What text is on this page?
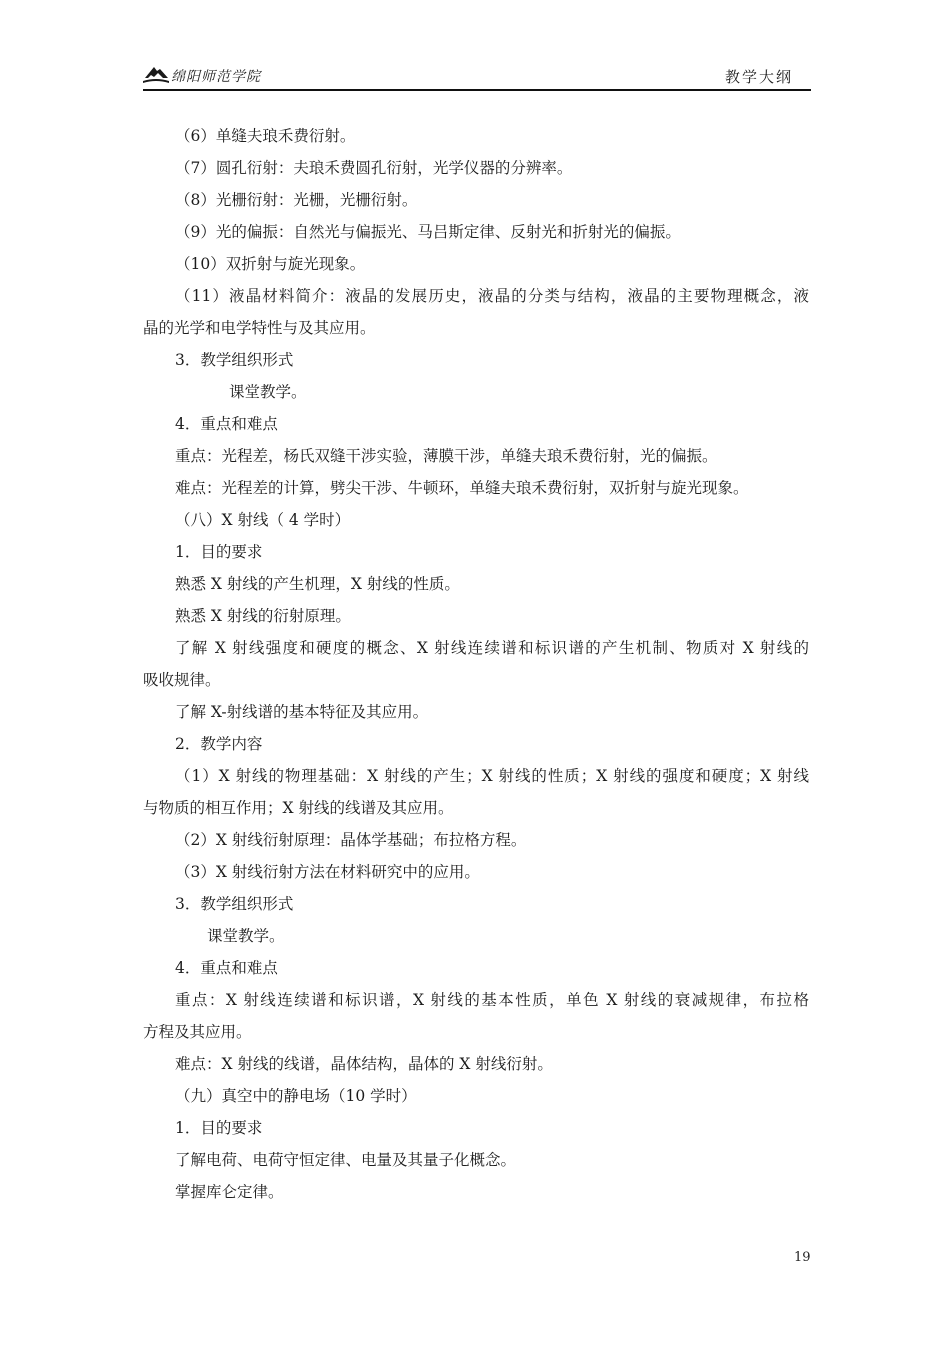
绵阳师范学院	教学大纲
（6）单缝夫琅禾费衍射。
（7）圆孔衍射：夫琅禾费圆孔衍射，光学仪器的分辨率。
（8）光栅衍射：光栅，光栅衍射。
（9）光的偏振：自然光与偏振光、马吕斯定律、反射光和折射光的偏振。
（10）双折射与旋光现象。
（11）液晶材料简介：液晶的发展历史，液晶的分类与结构，液晶的主要物理概念，液
晶的光学和电学特性与及其应用。
3．教学组织形式
课堂教学。
4．重点和难点
重点：光程差，杨氏双缝干涉实验，薄膜干涉，单缝夫琅禾费衍射，光的偏振。
难点：光程差的计算，劈尖干涉、牛顿环，单缝夫琅禾费衍射，双折射与旋光现象。
（八）X 射线（ 4 学时）
1．目的要求
熟悉 X 射线的产生机理，X 射线的性质。
熟悉 X 射线的衍射原理。
了解 X 射线强度和硬度的概念、X 射线连续谱和标识谱的产生机制、物质对 X 射线的
吸收规律。
了解 X-射线谱的基本特征及其应用。
2．教学内容
（1）X 射线的物理基础：X 射线的产生；X 射线的性质；X 射线的强度和硬度；X 射线
与物质的相互作用；X 射线的线谱及其应用。
（2）X 射线衍射原理：晶体学基础；布拉格方程。
（3）X 射线衍射方法在材料研究中的应用。
3．教学组织形式
课堂教学。
4．重点和难点
重点：X 射线连续谱和标识谱，X 射线的基本性质，单色 X 射线的衰减规律，布拉格
方程及其应用。
难点：X 射线的线谱，晶体结构，晶体的 X 射线衍射。
（九）真空中的静电场（10 学时）
1．目的要求
了解电荷、电荷守恒定律、电量及其量子化概念。
掌握库仑定律。
19
